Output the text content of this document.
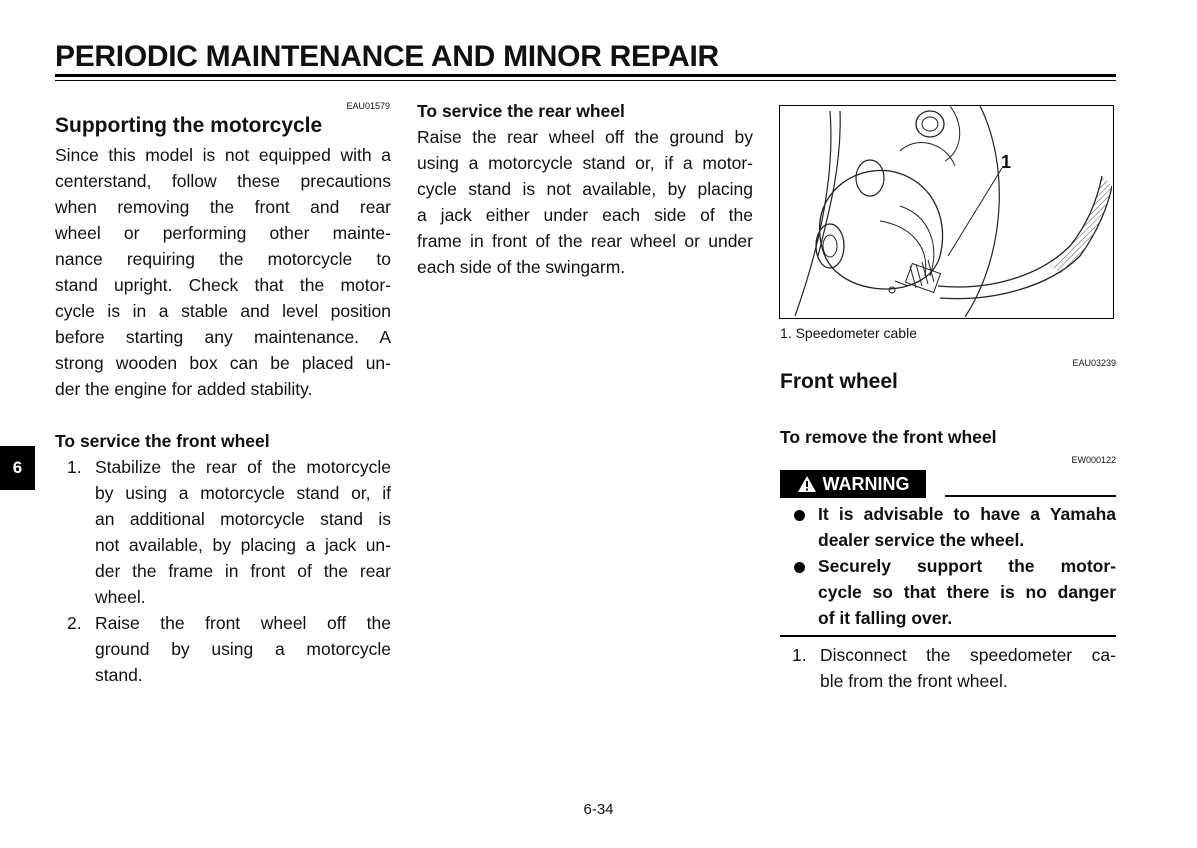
PERIODIC MAINTENANCE AND MINOR REPAIR
6
EAU01579
Supporting the motorcycle
Since this model is not equipped with a
centerstand, follow these precautions
when removing the front and rear
wheel or performing other mainte-
nance requiring the motorcycle to
stand upright. Check that the motor-
cycle is in a stable and level position
before starting any maintenance. A
strong wooden box can be placed un-
der the engine for added stability.
To service the front wheel
1. Stabilize the rear of the motorcycle
by using a motorcycle stand or, if
an additional motorcycle stand is
not available, by placing a jack un-
der the frame in front of the rear
wheel.
2. Raise the front wheel off the
ground by using a motorcycle
stand.
To service the rear wheel
Raise the rear wheel off the ground by
using a motorcycle stand or, if a motor-
cycle stand is not available, by placing
a jack either under each side of the
frame in front of the rear wheel or under
each side of the swingarm.
1
1. Speedometer cable
EAU03239
Front wheel
To remove the front wheel
EW000122
WARNING
It is advisable to have a Yamaha
dealer service the wheel.
Securely support the motor-
cycle so that there is no danger
of it falling over.
1. Disconnect the speedometer ca-
ble from the front wheel.
6-34
